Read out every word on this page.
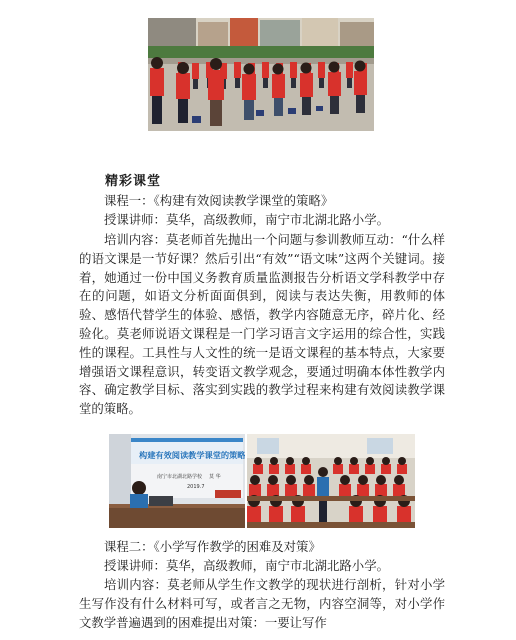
精彩课堂

课程一：《构建有效阅读教学课堂的策略》

授课讲师：莫华，高级教师，南宁市北湖北路小学。

培训内容：莫老师首先抛出一个问题与参训教师互动：“什么样的语文课是一节好课？然后引出“有效”“语文味”这两个关键词。接着，她通过一份中国义务教育质量监测报告分析语文学科教学中存在的问题，如语文分析面面俱到，阅读与表达失衡，用教师的体验、感悟代替学生的体验、感悟，教学内容随意无序，碎片化、经验化。莫老师说语文课程是一门学习语言文字运用的综合性，实践性的课程。工具性与人文性的统一是语文课程的基本特点，大家要增强语文课程意识，转变语文教学观念，要通过明确本体性教学内容、确定教学目标、落实到实践的教学过程来构建有效阅读教学课堂的策略。

构建有效阅读教学课堂的策略
南宁市北湖北路学校 莫 华
2019.7

课程二：《小学写作教学的困难及对策》

授课讲师：莫华，高级教师，南宁市北湖北路小学。

培训内容：莫老师从学生作文教学的现状进行剖析，针对小学生写作没有什么材料可写，或者言之无物，内容空洞等，对小学作文教学普遍遇到的困难提出对策：一要让写作
